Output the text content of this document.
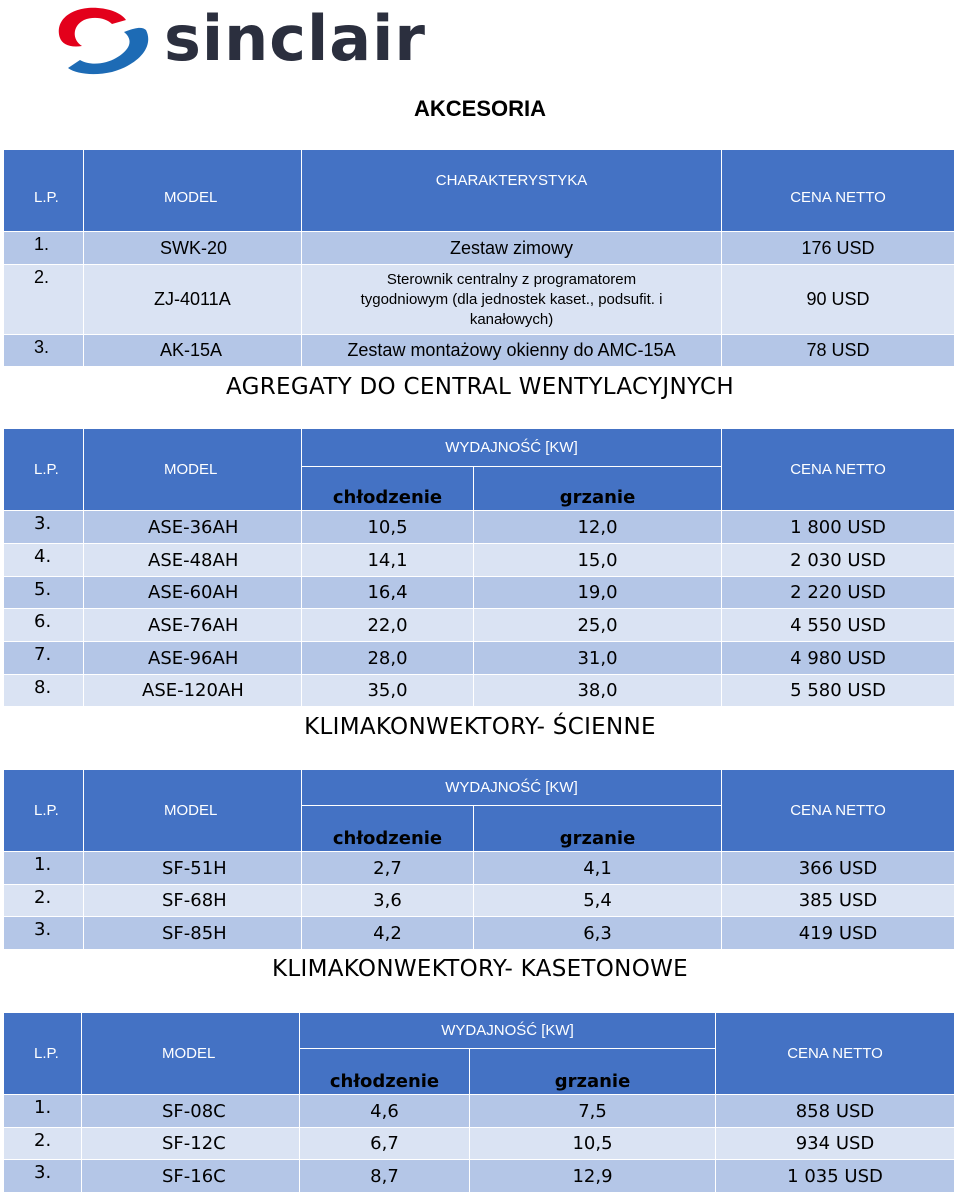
sinclair
AKCESORIA
L.P.	MODEL	CHARAKTERYSTYKA	CENA NETTO
1.	SWK-20	Zestaw zimowy	176 USD
2.	ZJ-4011A	Sterownik centralny z programatorem tygodniowym (dla jednostek kaset., podsufit. i kanałowych)	90 USD
3.	AK-15A	Zestaw montażowy okienny do AMC-15A	78 USD
AGREGATY DO CENTRAL WENTYLACYJNYCH
L.P.	MODEL	WYDAJNOŚĆ [KW]		CENA NETTO
		chłodzenie	grzanie	
3.	ASE-36AH	10,5	12,0	1 800 USD
4.	ASE-48AH	14,1	15,0	2 030 USD
5.	ASE-60AH	16,4	19,0	2 220 USD
6.	ASE-76AH	22,0	25,0	4 550 USD
7.	ASE-96AH	28,0	31,0	4 980 USD
8.	ASE-120AH	35,0	38,0	5 580 USD
KLIMAKONWEKTORY- ŚCIENNE
L.P.	MODEL	WYDAJNOŚĆ [KW]		CENA NETTO
		chłodzenie	grzanie	
1.	SF-51H	2,7	4,1	366 USD
2.	SF-68H	3,6	5,4	385 USD
3.	SF-85H	4,2	6,3	419 USD
KLIMAKONWEKTORY- KASETONOWE
L.P.	MODEL	WYDAJNOŚĆ [KW]		CENA NETTO
		chłodzenie	grzanie	
1.	SF-08C	4,6	7,5	858 USD
2.	SF-12C	6,7	10,5	934 USD
3.	SF-16C	8,7	12,9	1 035 USD
